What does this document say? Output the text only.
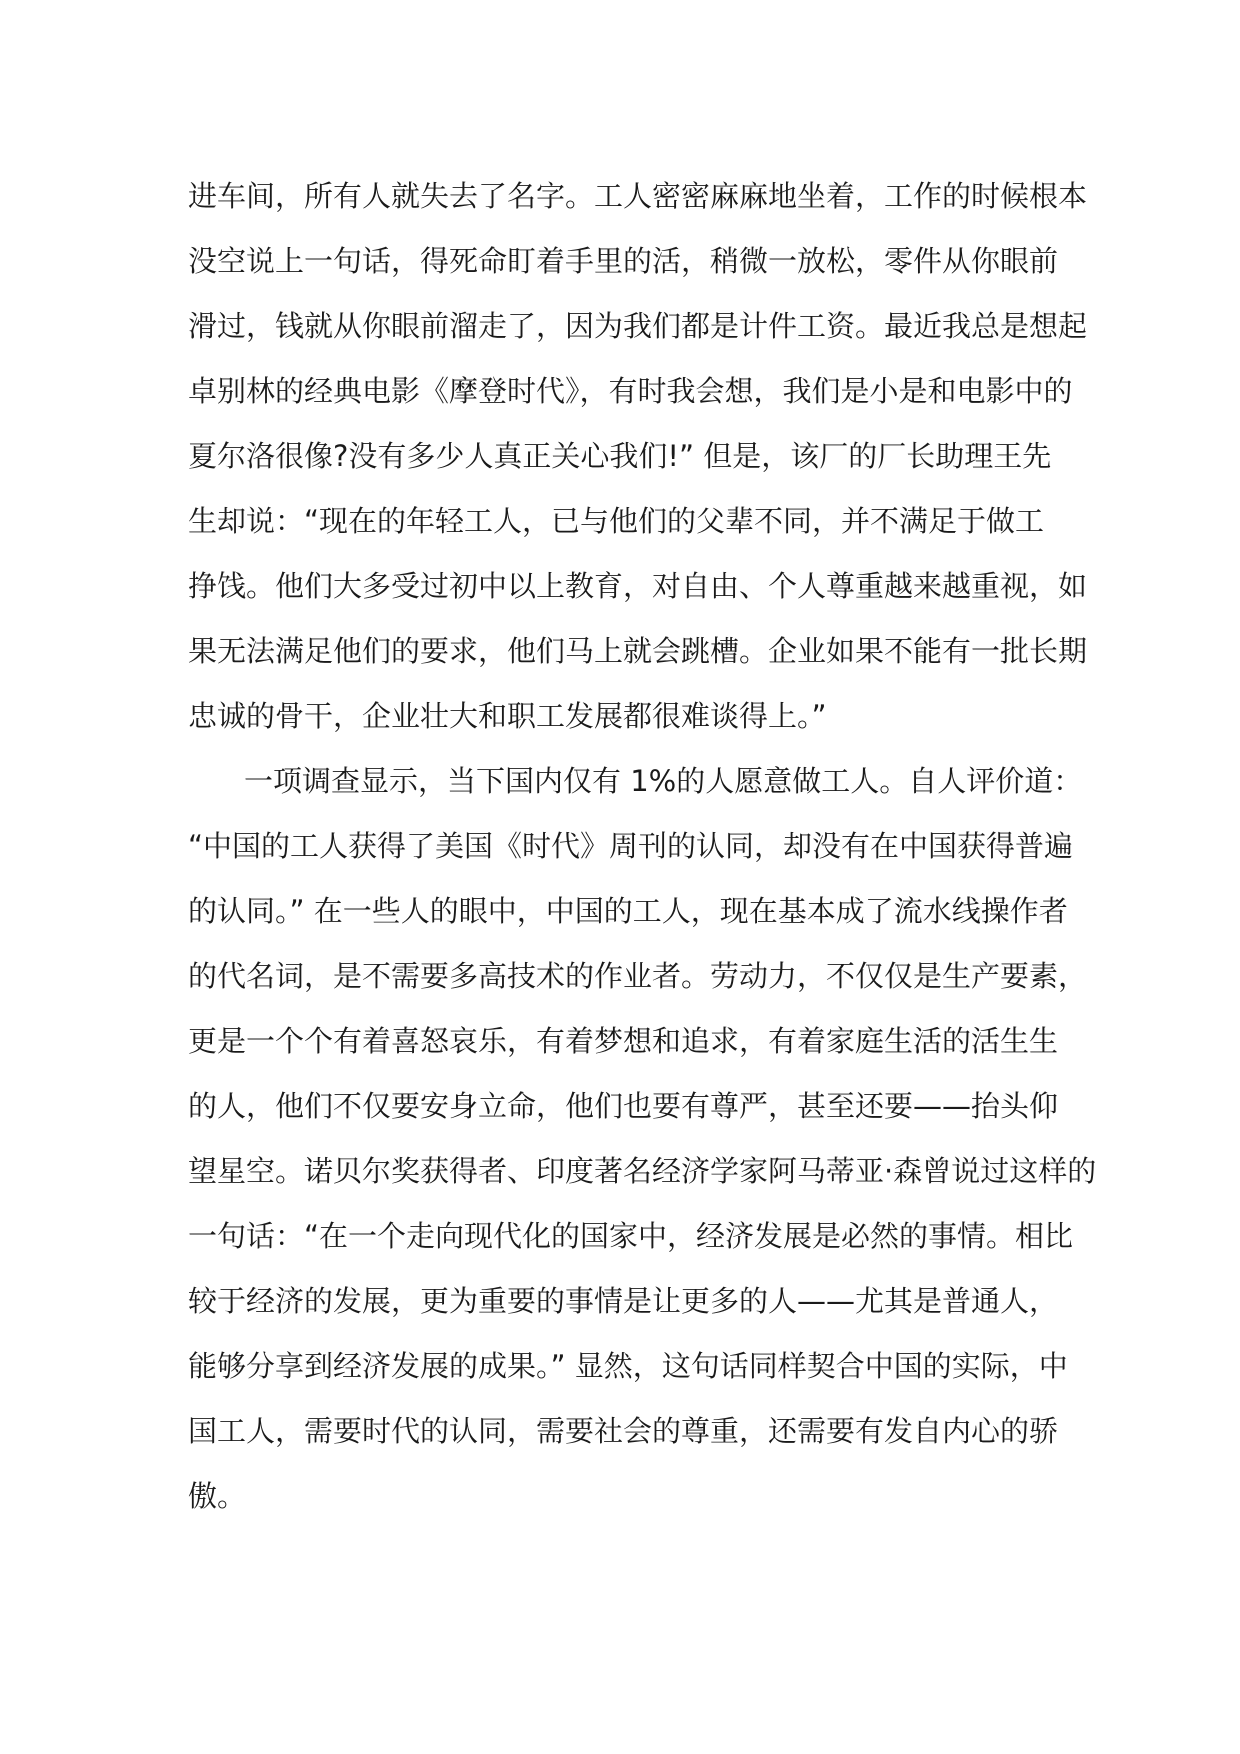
进车间，所有人就失去了名字。工人密密麻麻地坐着，工作的时候根本
没空说上一句话，得死命盯着手里的活，稍微一放松，零件从你眼前
滑过，钱就从你眼前溜走了，因为我们都是计件工资。最近我总是想起
卓别林的经典电影《摩登时代》，有时我会想，我们是小是和电影中的
夏尔洛很像?没有多少人真正关心我们!” 但是，该厂的厂长助理王先
生却说：“现在的年轻工人，已与他们的父辈不同，并不满足于做工
挣饯。他们大多受过初中以上教育，对自由、个人尊重越来越重视，如
果无法满足他们的要求，他们马上就会跳槽。企业如果不能有一批长期
忠诚的骨干，企业壮大和职工发展都很难谈得上。”
一项调查显示，当下国内仅有 1%的人愿意做工人。自人评价道：
“中国的工人获得了美国《时代》周刊的认同，却没有在中国获得普遍
的认同。” 在一些人的眼中，中国的工人，现在基本成了流水线操作者
的代名词，是不需要多高技术的作业者。劳动力，不仅仅是生产要素，
更是一个个有着喜怒哀乐，有着梦想和追求，有着家庭生活的活生生
的人，他们不仅要安身立命，他们也要有尊严，甚至还要——抬头仰
望星空。诺贝尔奖获得者、印度著名经济学家阿马蒂亚·森曾说过这样的
一句话：“在一个走向现代化的国家中，经济发展是必然的事情。相比
较于经济的发展，更为重要的事情是让更多的人——尤其是普通人，
能够分享到经济发展的成果。” 显然，这句话同样契合中国的实际，中
国工人，需要时代的认同，需要社会的尊重，还需要有发自内心的骄
傲。
